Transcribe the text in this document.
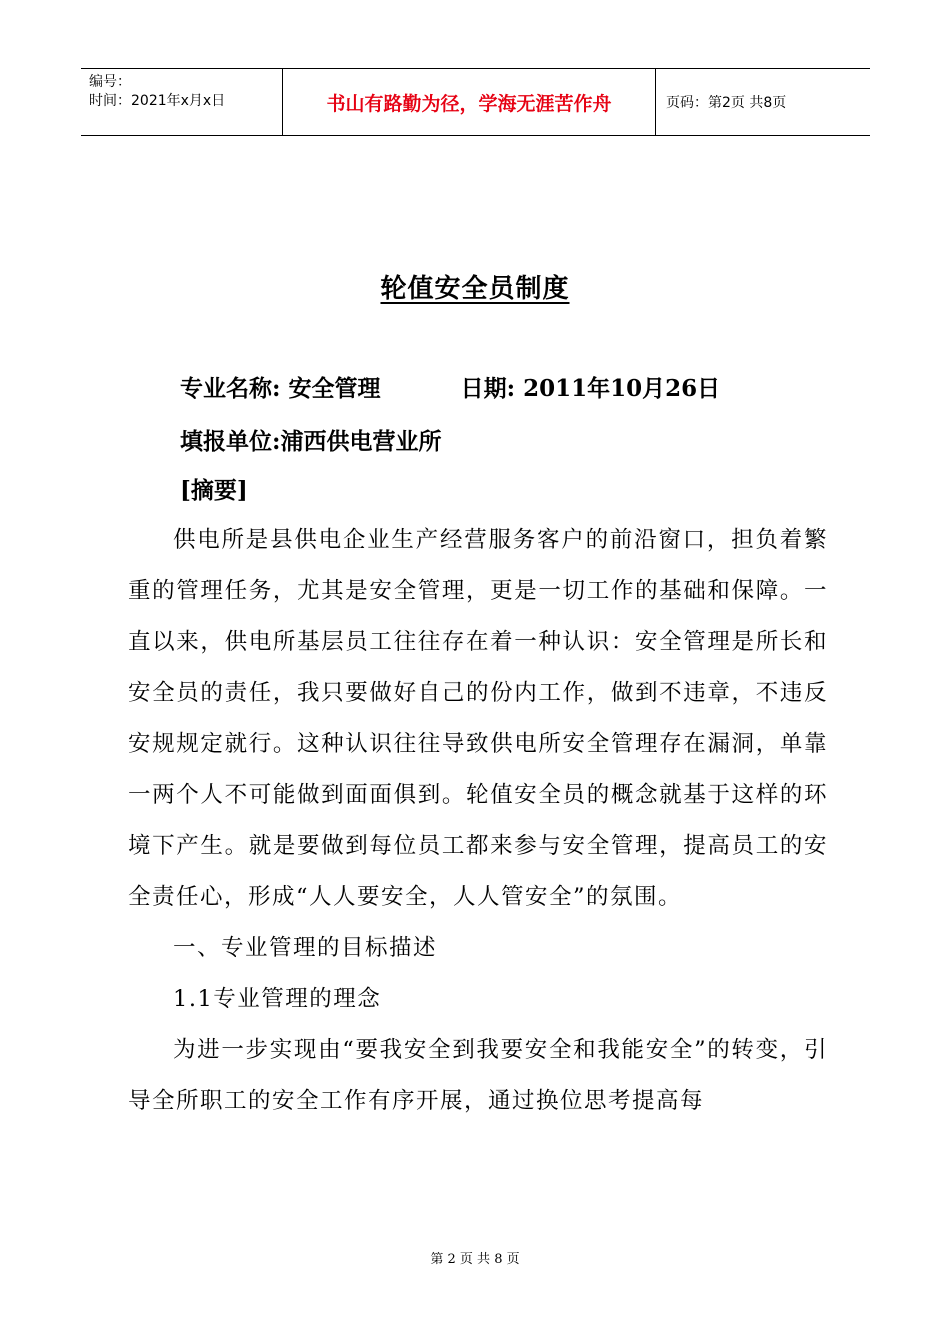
编号：
时间：2021年x月x日	书山有路勤为径，学海无涯苦作舟	页码：第2页 共8页
轮值安全员制度
专业名称: 安全管理          日期: 2011年10月26日
填报单位:浦西供电营业所
[摘要]

供电所是县供电企业生产经营服务客户的前沿窗口，担负着繁重的管理任务，尤其是安全管理，更是一切工作的基础和保障。一直以来，供电所基层员工往往存在着一种认识：安全管理是所长和安全员的责任，我只要做好自己的份内工作，做到不违章，不违反安规规定就行。这种认识往往导致供电所安全管理存在漏洞，单靠一两个人不可能做到面面俱到。轮值安全员的概念就基于这样的环境下产生。就是要做到每位员工都来参与安全管理，提高员工的安全责任心，形成“人人要安全，人人管安全”的氛围。

一、专业管理的目标描述

1.1专业管理的理念

为进一步实现由“要我安全到我要安全和我能安全”的转变，引导全所职工的安全工作有序开展，通过换位思考提高每

第 2 页 共 8 页
